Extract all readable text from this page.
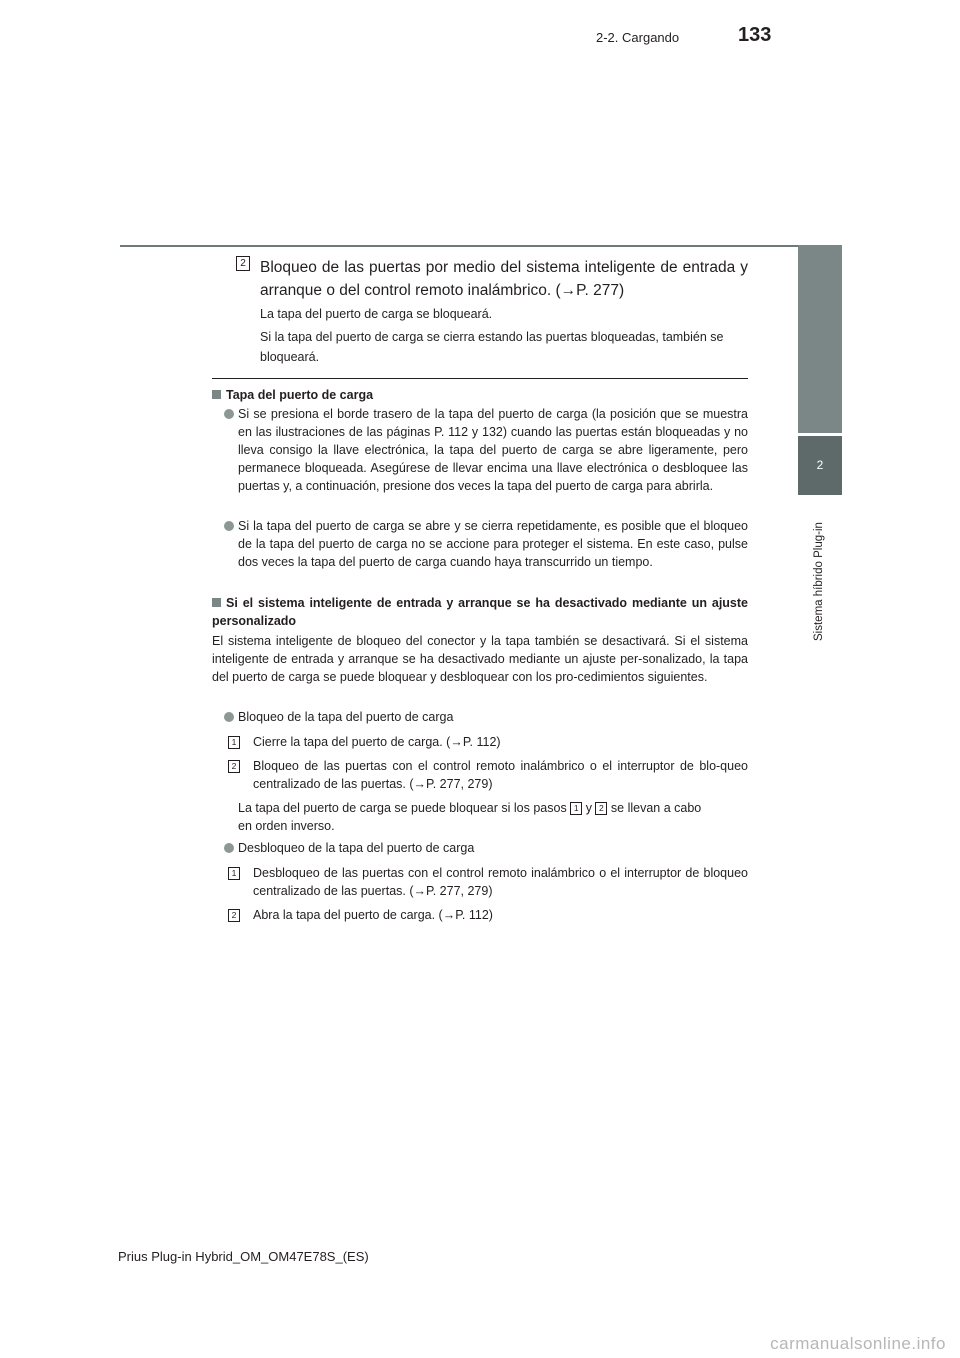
2-2. Cargando	133
2
Sistema híbrido Plug-in
2 Bloqueo de las puertas por medio del sistema inteligente de entrada y arranque o del control remoto inalámbrico. (→P. 277)
La tapa del puerto de carga se bloqueará.
Si la tapa del puerto de carga se cierra estando las puertas bloqueadas, también se bloqueará.
Tapa del puerto de carga
Si se presiona el borde trasero de la tapa del puerto de carga (la posición que se muestra en las ilustraciones de las páginas P. 112 y 132) cuando las puertas están bloqueadas y no lleva consigo la llave electrónica, la tapa del puerto de carga se abre ligeramente, pero permanece bloqueada. Asegúrese de llevar encima una llave electrónica o desbloquee las puertas y, a continuación, presione dos veces la tapa del puerto de carga para abrirla.
Si la tapa del puerto de carga se abre y se cierra repetidamente, es posible que el bloqueo de la tapa del puerto de carga no se accione para proteger el sistema. En este caso, pulse dos veces la tapa del puerto de carga cuando haya transcurrido un tiempo.
Si el sistema inteligente de entrada y arranque se ha desactivado mediante un ajuste personalizado
El sistema inteligente de bloqueo del conector y la tapa también se desactivará. Si el sistema inteligente de entrada y arranque se ha desactivado mediante un ajuste per-sonalizado, la tapa del puerto de carga se puede bloquear y desbloquear con los pro-cedimientos siguientes.
Bloqueo de la tapa del puerto de carga
1 Cierre la tapa del puerto de carga. (→P. 112)
2 Bloqueo de las puertas con el control remoto inalámbrico o el interruptor de blo-queo centralizado de las puertas. (→P. 277, 279)
La tapa del puerto de carga se puede bloquear si los pasos 1 y 2 se llevan a cabo
en orden inverso.
Desbloqueo de la tapa del puerto de carga
1 Desbloqueo de las puertas con el control remoto inalámbrico o el interruptor de bloqueo centralizado de las puertas. (→P. 277, 279)
2 Abra la tapa del puerto de carga. (→P. 112)
Prius Plug-in Hybrid_OM_OM47E78S_(ES)
carmanualsonline.info
